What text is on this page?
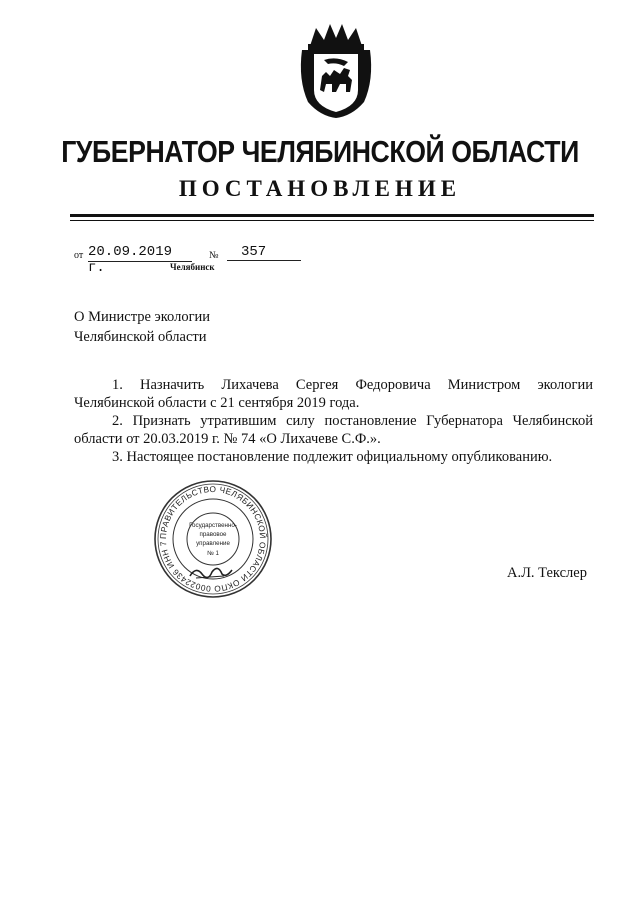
ГУБЕРНАТОР ЧЕЛЯБИНСКОЙ ОБЛАСТИ
ПОСТАНОВЛЕНИЕ
от 20.09.2019 г.
№	357
Челябинск
О Министре экологии
Челябинской области

1. Назначить Лихачева Сергея Федоровича Министром экологии Челябинской области с 21 сентября 2019 года.

2. Признать утратившим силу постановление Губернатора Челябинской области от 20.03.2019 г. № 74 «О Лихачеве С.Ф.».

3. Настоящее постановление подлежит официальному опубликованию.

ПРАВИТЕЛЬСТВО ЧЕЛЯБИНСКОЙ ОБЛАСТИ ОКПО 00022436 ИНН 7
Государственно-
правовое
управление
№ 1
А.Л. Текслер
